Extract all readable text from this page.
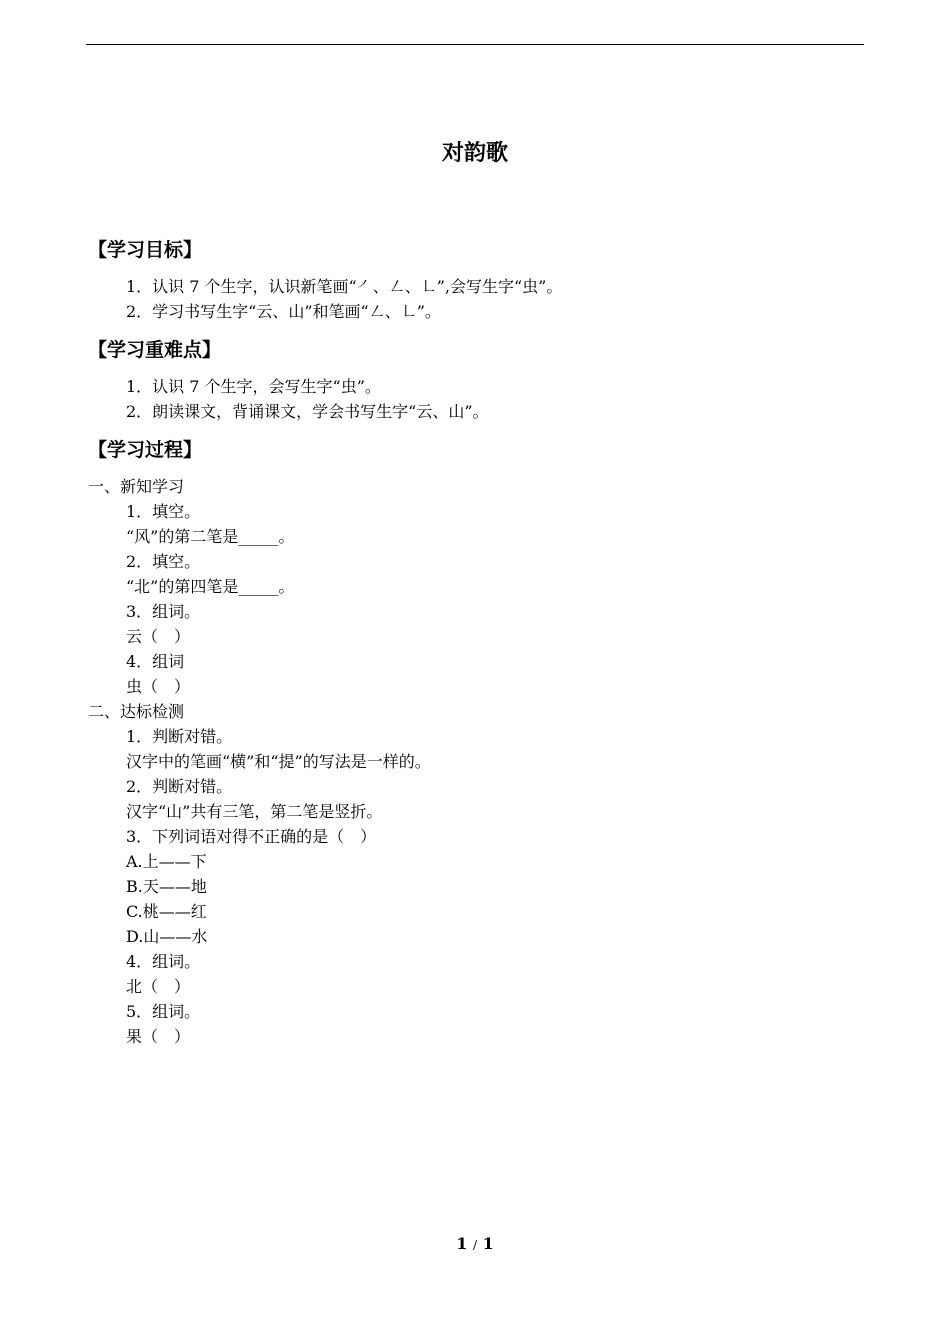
对韵歌
【学习目标】
1．认识 7 个生字，认识新笔画“㇒、㇜、㇗”,会写生字“虫”。
2．学习书写生字“云、山”和笔画“㇜、㇗”。
【学习重难点】
1．认识 7 个生字，会写生字“虫”。
2．朗读课文，背诵课文，学会书写生字“云、山”。
【学习过程】
一、新知学习
1．填空。
“风”的第二笔是_____。
2．填空。
“北”的第四笔是_____。
3．组词。
云（　）
4．组词
虫（　）
二、达标检测
1．判断对错。
汉字中的笔画“横”和“提”的写法是一样的。
2．判断对错。
汉字“山”共有三笔，第二笔是竖折。
3．下列词语对得不正确的是（　）
A.上——下
B.天——地
C.桃——红
D.山——水
4．组词。
北（　）
5．组词。
果（　）
1 / 1
